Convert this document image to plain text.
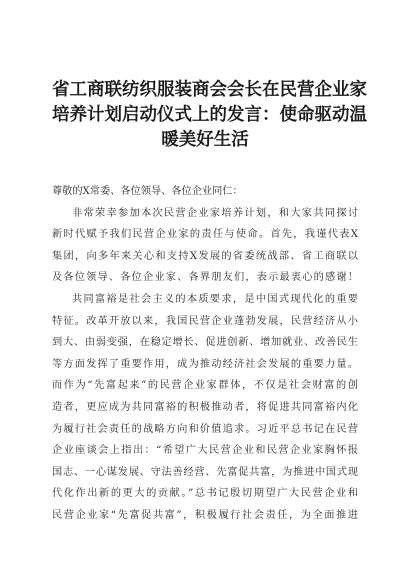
省工商联纺织服装商会会长在民营企业家
培养计划启动仪式上的发言：使命驱动温
暖美好生活
尊敬的X常委、各位领导、各位企业同仁：
非常荣幸参加本次民营企业家培养计划，和大家共同探讨
新时代赋予我们民营企业家的责任与使命。首先，我谨代表X
集团，向多年来关心和支持X发展的省委统战部、省工商联以
及各位领导、各位企业家、各界朋友们，表示最衷心的感谢！
共同富裕是社会主义的本质要求，是中国式现代化的重要
特征。改革开放以来，我国民营企业蓬勃发展，民营经济从小
到大、由弱变强，在稳定增长、促进创新、增加就业、改善民生
等方面发挥了重要作用，成为推动经济社会发展的重要力量。
而作为“先富起来”的民营企业家群体，不仅是社会财富的创
造者，更应成为共同富裕的积极推动者，将促进共同富裕内化
为履行社会责任的战略方向和价值追求。习近平总书记在民营
企业座谈会上指出：“希望广大民营企业和民营企业家胸怀报
国志、一心谋发展、守法善经营、先富促共富，为推进中国式现
代化作出新的更大的贡献。”总书记殷切期望广大民营企业和
民营企业家“先富促共富”，积极履行社会责任，为全面推进
